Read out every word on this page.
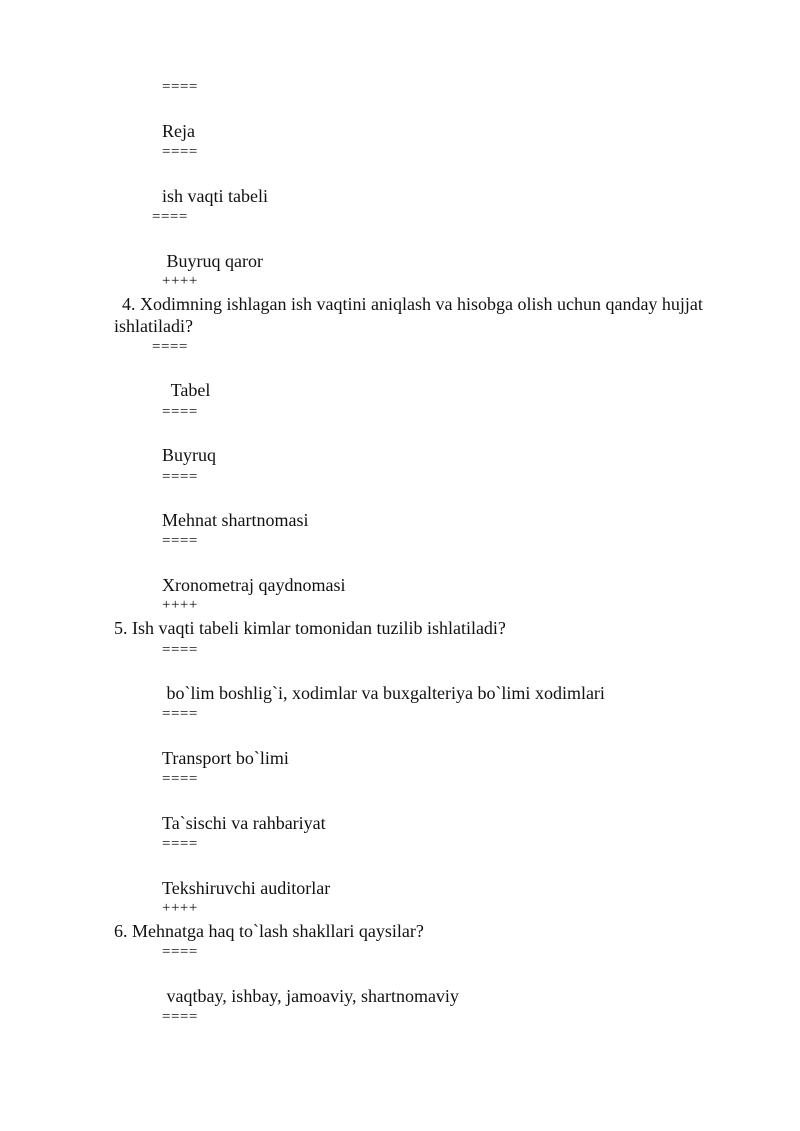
====
Reja
====
ish vaqti tabeli
====
Buyruq qaror
++++
4. Xodimning ishlagan ish vaqtini aniqlash va hisobga olish uchun qanday hujjat
ishlatiladi?
====
Tabel
====
Buyruq
====
Mehnat shartnomasi
====
Xronometraj qaydnomasi
++++
5. Ish vaqti tabeli kimlar tomonidan tuzilib ishlatiladi?
====
bo`lim boshlig`i, xodimlar va buxgalteriya bo`limi xodimlari
====
Transport bo`limi
====
Ta`sischi va rahbariyat
====
Tekshiruvchi auditorlar
++++
6. Mehnatga haq to`lash shakllari qaysilar?
====
vaqtbay, ishbay, jamoaviy, shartnomaviy
====
